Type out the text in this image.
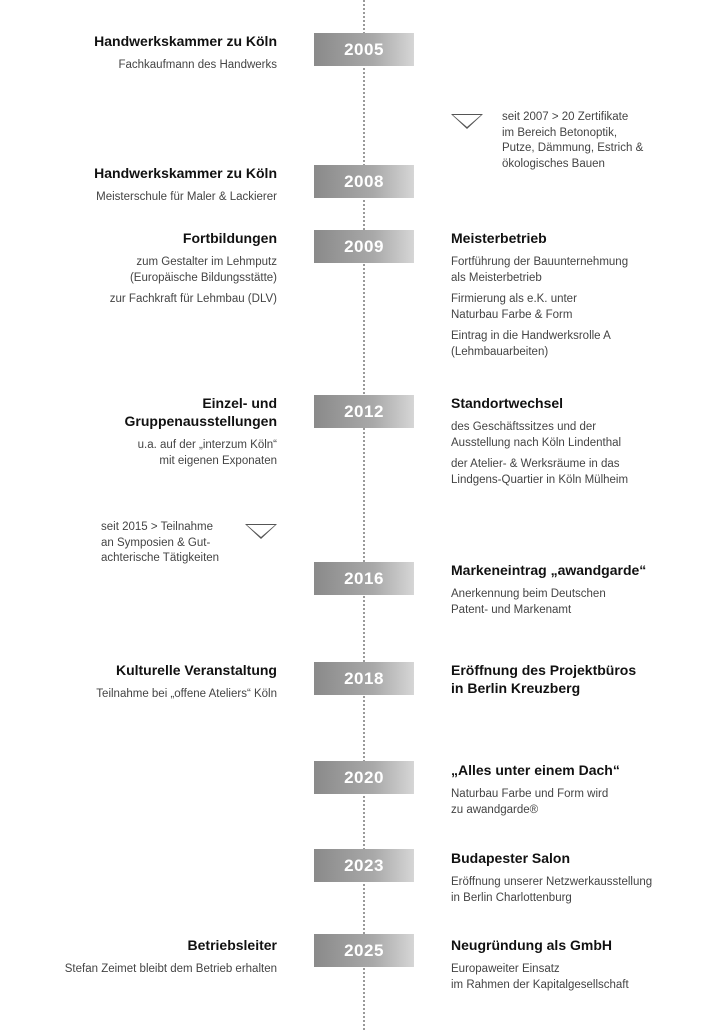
2005
2008
2009
2012
2016
2018
2020
2023
2025
Handwerkskammer zu Köln
Fachkaufmann des Handwerks
seit 2007 > 20 Zertifikate
im Bereich Betonoptik,
Putze, Dämmung, Estrich &
ökologisches Bauen
Handwerkskammer zu Köln
Meisterschule für Maler & Lackierer
Fortbildungen
zum Gestalter im Lehmputz
(Europäische Bildungsstätte)
zur Fachkraft für Lehmbau (DLV)
Meisterbetrieb
Fortführung der Bauunternehmung
als Meisterbetrieb
Firmierung als e.K. unter
Naturbau Farbe & Form
Eintrag in die Handwerksrolle A
(Lehmbauarbeiten)
Einzel- und
Gruppenausstellungen
u.a. auf der „interzum Köln“
mit eigenen Exponaten
Standortwechsel
des Geschäftssitzes und der
Ausstellung nach Köln Lindenthal
der Atelier- & Werksräume in das
Lindgens-Quartier in Köln Mülheim
seit 2015 > Teilnahme
an Symposien & Gut-
achterische Tätigkeiten
Markeneintrag „awandgarde“
Anerkennung beim Deutschen
Patent- und Markenamt
Kulturelle Veranstaltung
Teilnahme bei „offene Ateliers“ Köln
Eröffnung des Projektbüros
in Berlin Kreuzberg
„Alles unter einem Dach“
Naturbau Farbe und Form wird
zu awandgarde®
Budapester Salon
Eröffnung unserer Netzwerkausstellung
in Berlin Charlottenburg
Betriebsleiter
Stefan Zeimet bleibt dem Betrieb erhalten
Neugründung als GmbH
Europaweiter Einsatz
im Rahmen der Kapitalgesellschaft
